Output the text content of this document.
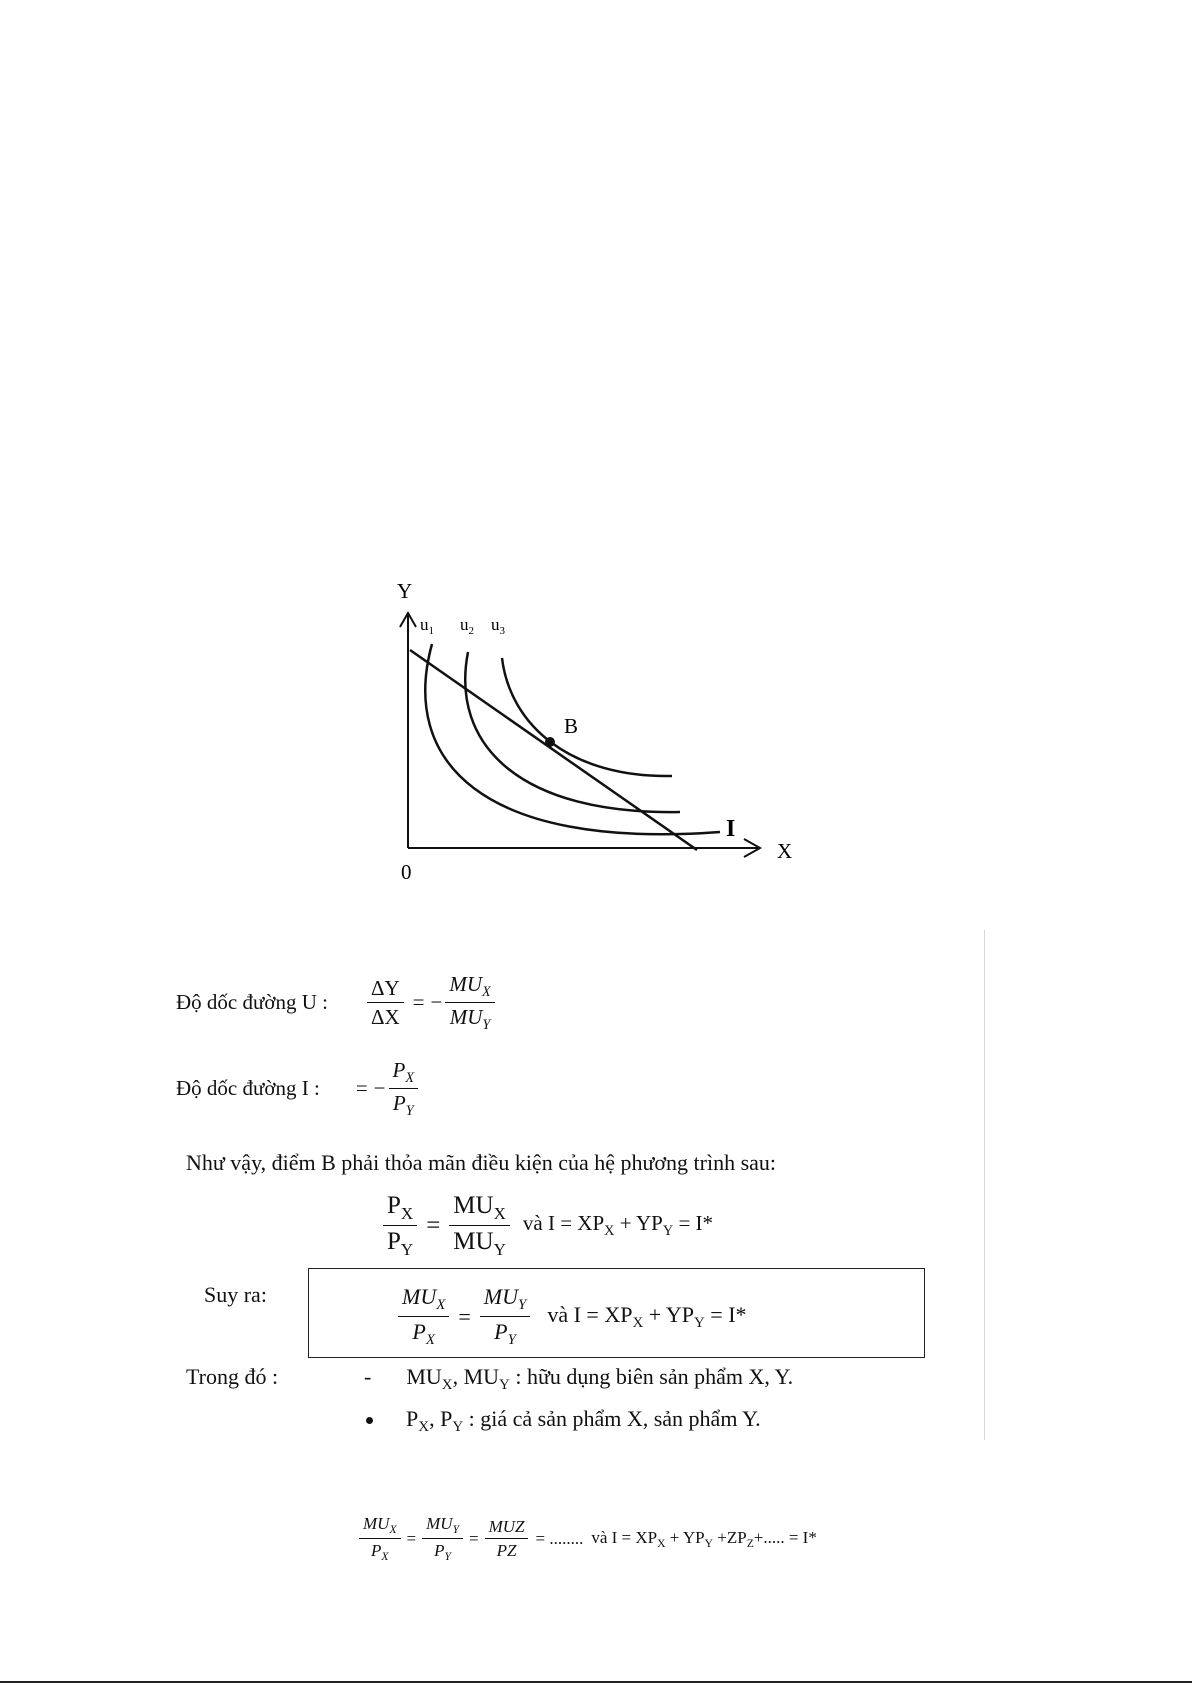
Y
X
0
$u_1$ $u_2$ $u_3$
B
I
Độ dốc đường U : $\frac{\Delta Y}{\Delta X}$ = − $\frac{MU_X}{MU_Y}$
Độ dốc đường I : = − $\frac{P_X}{P_Y}$
Như vậy, điểm B phải thỏa mãn điều kiện của hệ phương trình sau:
$\frac{P_X}{P_Y} = \frac{MU_X}{MU_Y}$ và $I = XP_X + YP_Y = I*$
Suy ra:	$\frac{MU_X}{P_X} = \frac{MU_Y}{P_Y}$ và $I = XP_X + YP_Y = I*$
Trong đó :	- $MU_X$, $MU_Y$ : hữu dụng biên sản phẩm X, Y.
$P_X$, $P_Y$ : giá cả sản phẩm X, sản phẩm Y.
$\frac{MU_X}{P_X} = \frac{MU_Y}{P_Y} = \frac{\text{MUZ}}{PZ}$ = ........ và $I = XP_X + YP_Y +ZP_Z+$..... = I*
